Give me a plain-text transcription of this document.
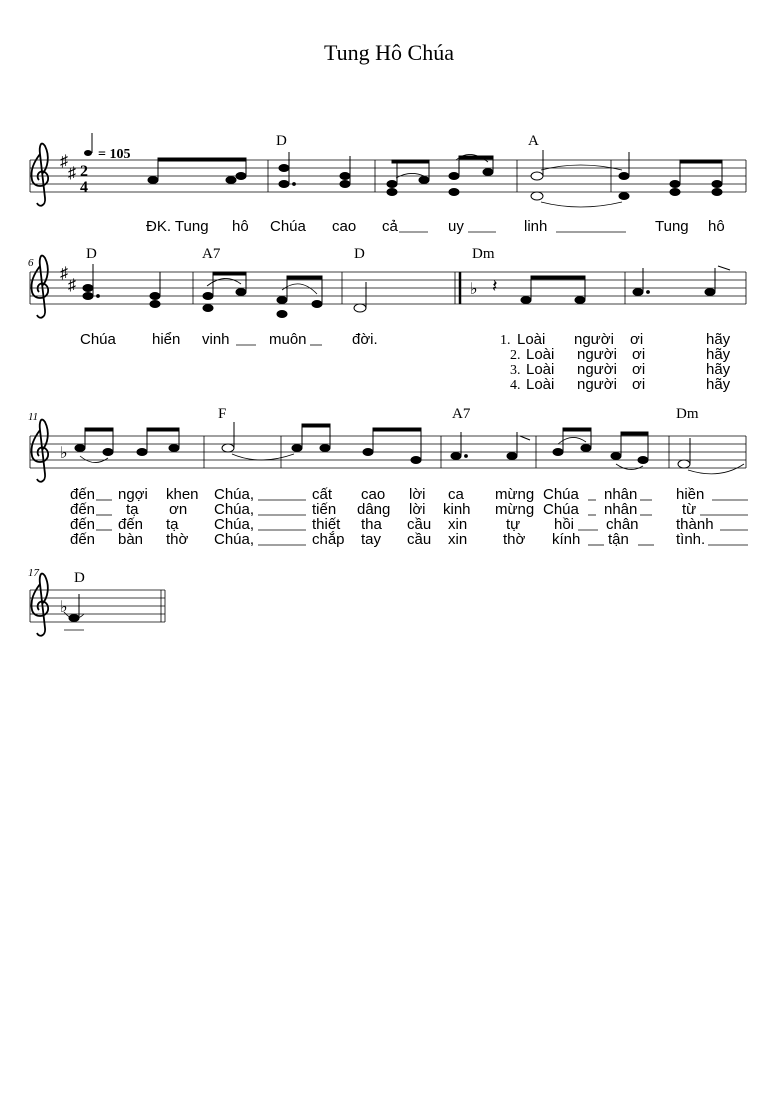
Tung Hô Chúa
♯
♯ 2
4
= 105
D	A
ĐK. Tung hô Chúa cao cả	uy	linh	Tung hô
6
♯
♯	♭
D	A7	D	Dm
𝄽
Chúa hiển vinh	muôn	đời.	1. Loài người ơi	hãy
2. Loài người ơi	hãy
3. Loài người ơi	hãy
4. Loài người ơi	hãy
11
♭
F	A7	Dm
đến ngợi khen Chúa,	cất cao lời ca mừng Chúa nhân	hiền
đến tạ ơn Chúa,	tiến dâng lời kinh mừng Chúa nhân	từ
đến đến tạ Chúa,	thiết tha cầu xin	tự hồi chân thành
đến bàn thờ Chúa,	chắp tay cầu xin thờ kính tận	tình.
17
♭
D
